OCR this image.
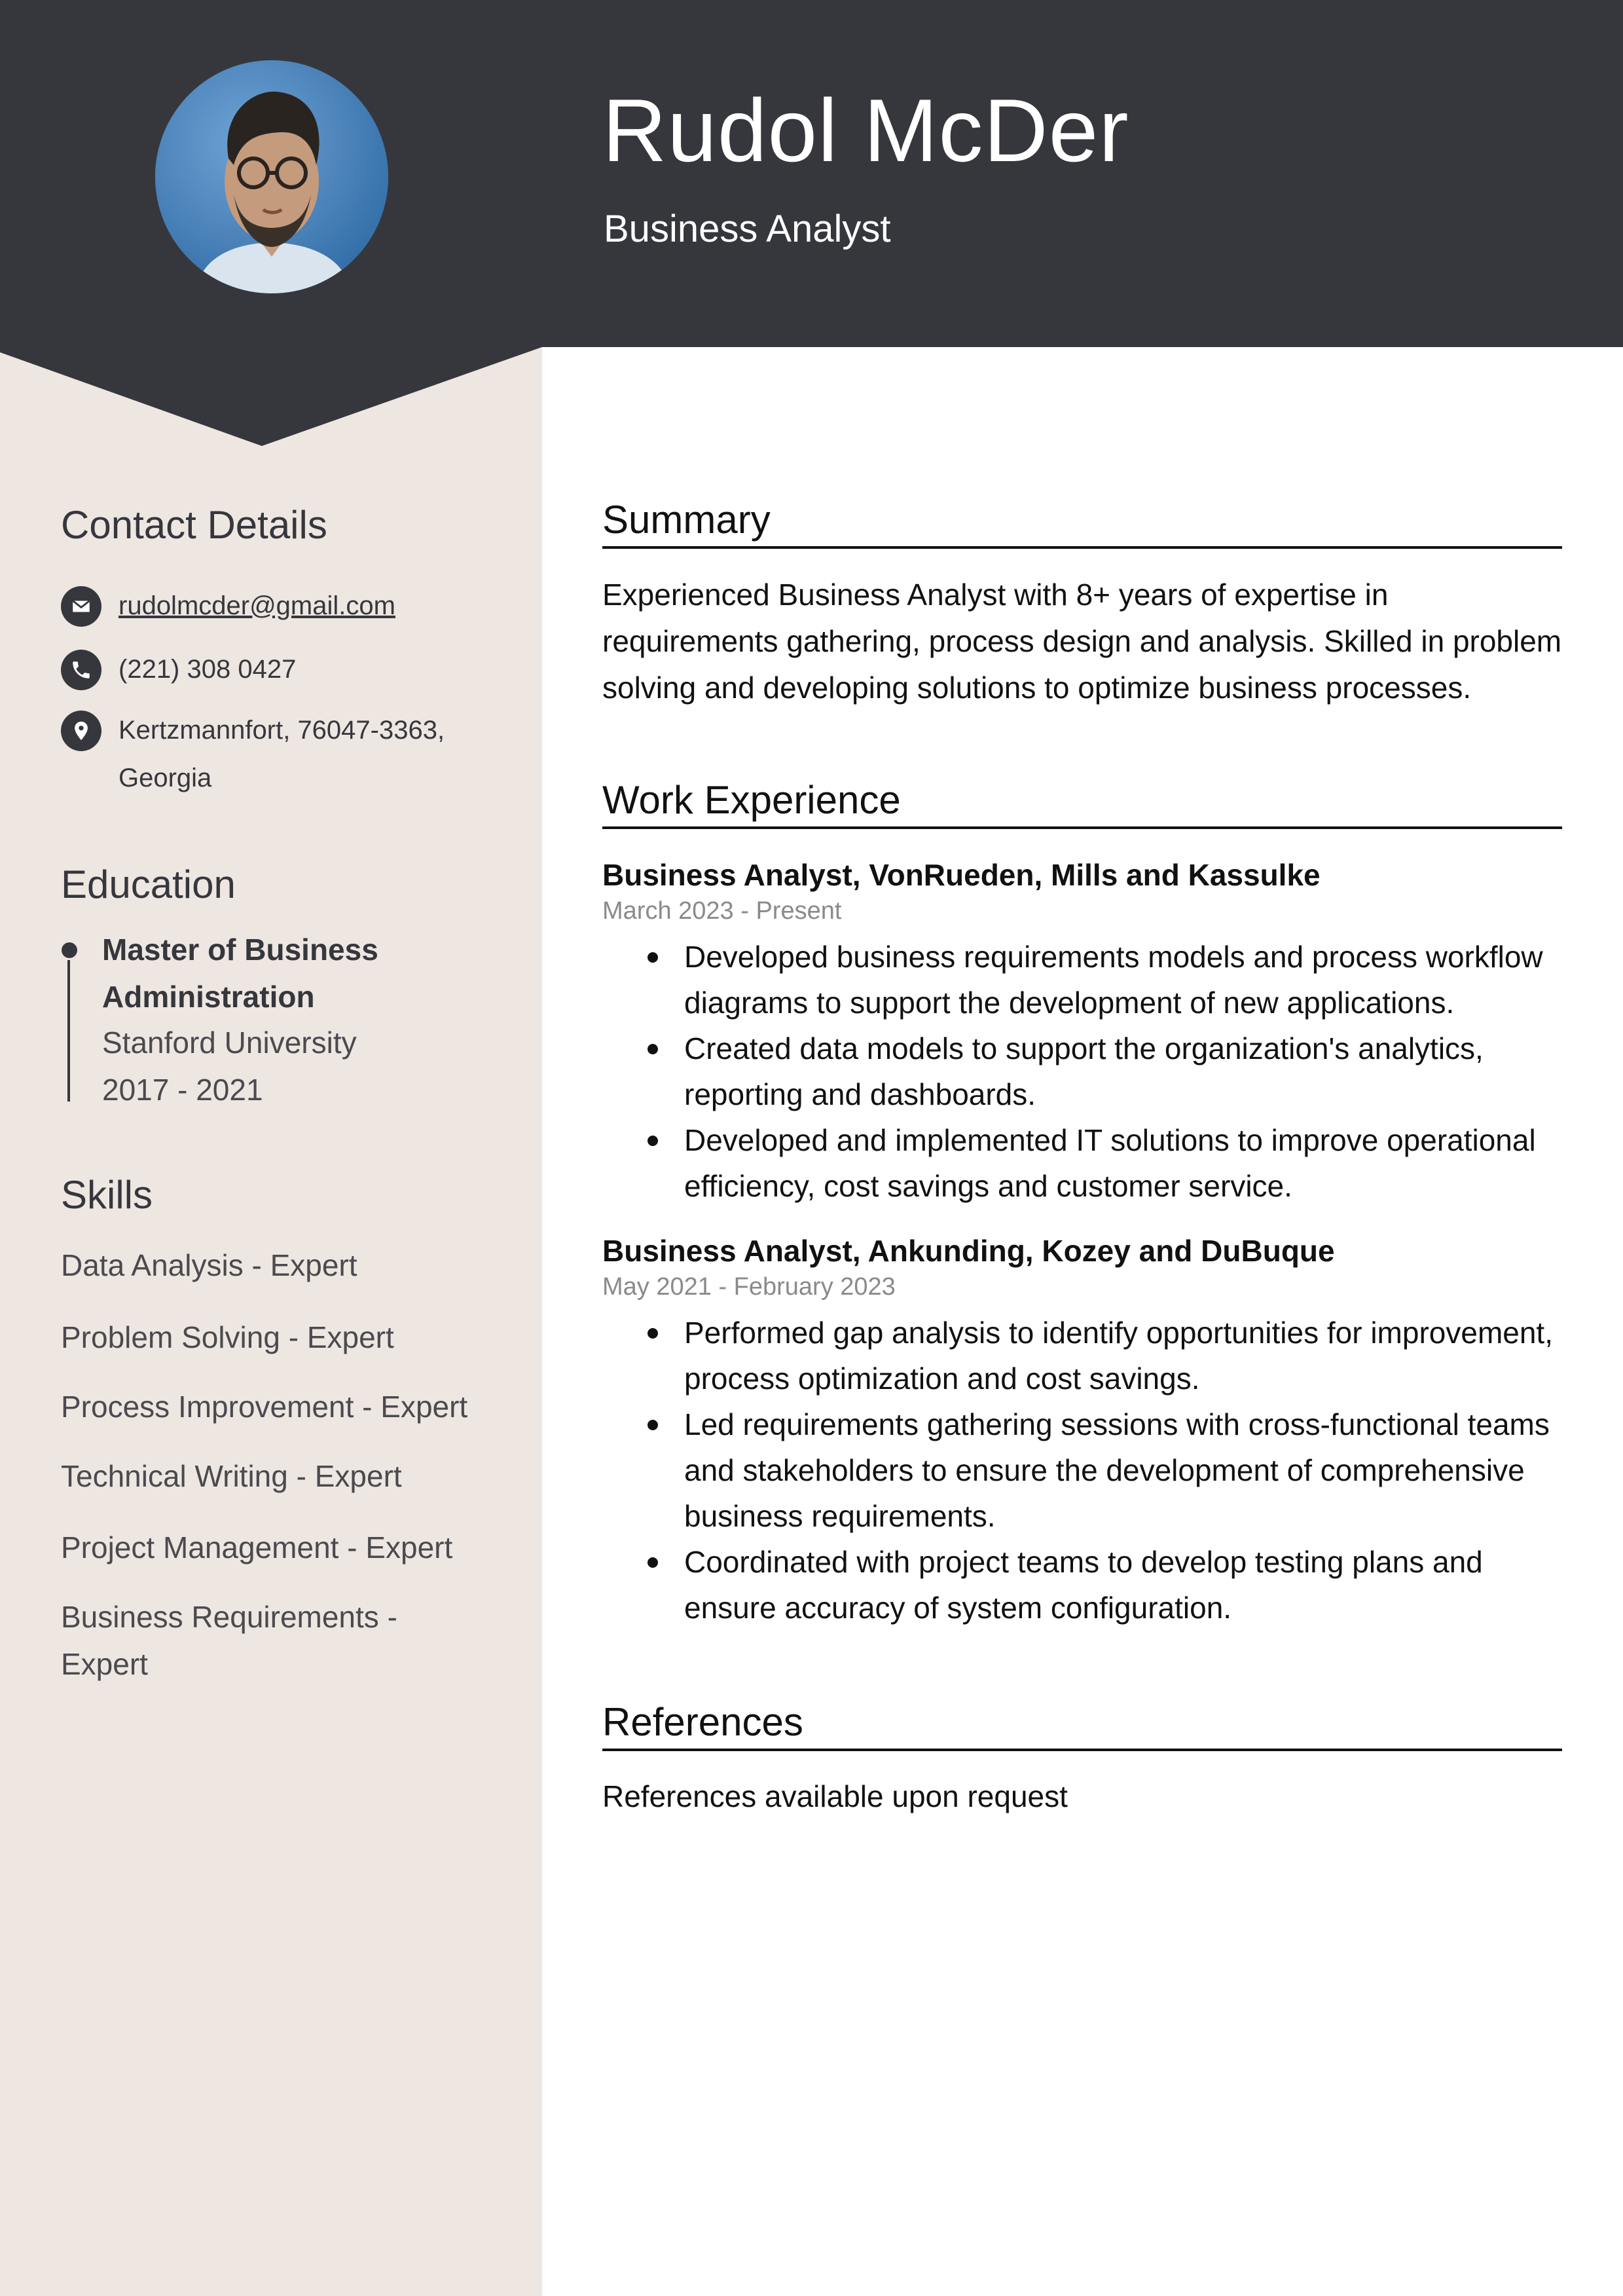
Rudol McDer
Business Analyst
Contact Details
rudolmcder@gmail.com
(221) 308 0427
Kertzmannfort, 76047-3363, Georgia
Education
Master of Business Administration
Stanford University
2017 - 2021
Skills
Data Analysis - Expert
Problem Solving - Expert
Process Improvement - Expert
Technical Writing - Expert
Project Management - Expert
Business Requirements - Expert
Summary
Experienced Business Analyst with 8+ years of expertise in requirements gathering, process design and analysis. Skilled in problem solving and developing solutions to optimize business processes.
Work Experience
Business Analyst, VonRueden, Mills and Kassulke
March 2023 - Present
Developed business requirements models and process workflow diagrams to support the development of new applications.
Created data models to support the organization's analytics, reporting and dashboards.
Developed and implemented IT solutions to improve operational efficiency, cost savings and customer service.
Business Analyst, Ankunding, Kozey and DuBuque
May 2021 - February 2023
Performed gap analysis to identify opportunities for improvement, process optimization and cost savings.
Led requirements gathering sessions with cross-functional teams and stakeholders to ensure the development of comprehensive business requirements.
Coordinated with project teams to develop testing plans and ensure accuracy of system configuration.
References
References available upon request
